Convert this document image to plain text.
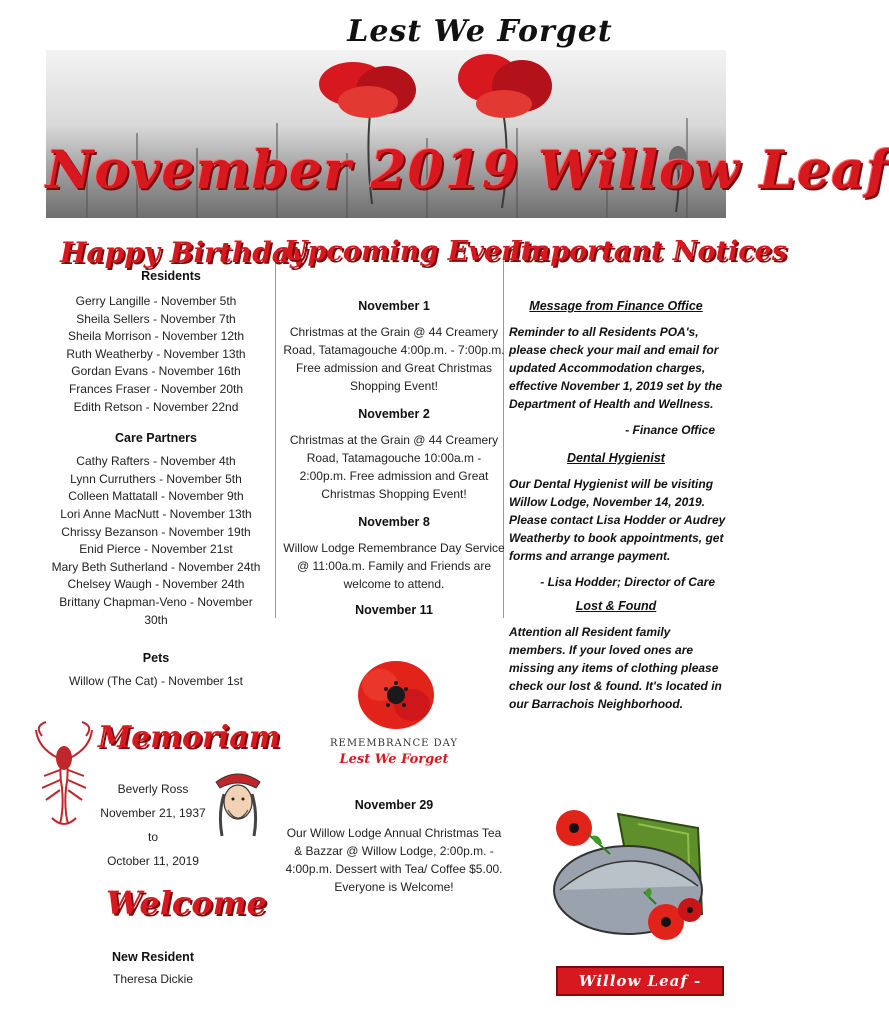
Lest We Forget
November 2019 Willow Leaf
Happy Birthday
Residents
Gerry Langille - November 5th
Sheila Sellers - November 7th
Sheila Morrison - November 12th
Ruth Weatherby - November 13th
Gordan Evans - November 16th
Frances Fraser - November 20th
Edith Retson - November 22nd
Care Partners
Cathy Rafters - November 4th
Lynn Curruthers - November 5th
Colleen Mattatall - November 9th
Lori Anne MacNutt - November 13th
Chrissy Bezanson - November 19th
Enid Pierce - November 21st
Mary Beth Sutherland - November 24th
Chelsey Waugh - November 24th
Brittany Chapman-Veno - November 30th
Pets
Willow (The Cat) - November 1st
Memoriam
Beverly Ross
November 21, 1937
to
October 11, 2019
Welcome
New Resident
Theresa Dickie
Upcoming Events

November 1

Christmas at the Grain @ 44 Creamery Road, Tatamagouche 4:00p.m. - 7:00p.m. Free admission and Great Christmas Shopping Event!

November 2

Christmas at the Grain @ 44 Creamery Road, Tatamagouche 10:00a.m - 2:00p.m. Free admission and Great Christmas Shopping Event!

November 8

Willow Lodge Remembrance Day Service @ 11:00a.m. Family and Friends are welcome to attend.

November 11

REMEMBRANCE DAY
Lest We Forget

November 29

Our Willow Lodge Annual Christmas Tea & Bazzar @ Willow Lodge, 2:00p.m. - 4:00p.m. Dessert with Tea/ Coffee $5.00. Everyone is Welcome!

Important Notices

Message from Finance Office

Reminder to all Residents POA's, please check your mail and email for updated Accommodation charges, effective November 1, 2019 set by the Department of Health and Wellness.

- Finance Office

Dental Hygienist

Our Dental Hygienist will be visiting Willow Lodge, November 14, 2019. Please contact Lisa Hodder or Audrey Weatherby to book appointments, get forms and arrange payment.

- Lisa Hodder; Director of Care

Lost & Found

Attention all Resident family members. If your loved ones are missing any items of clothing please check our lost & found. It's located in our Barrachois Neighborhood.

Willow Leaf - Page 1
